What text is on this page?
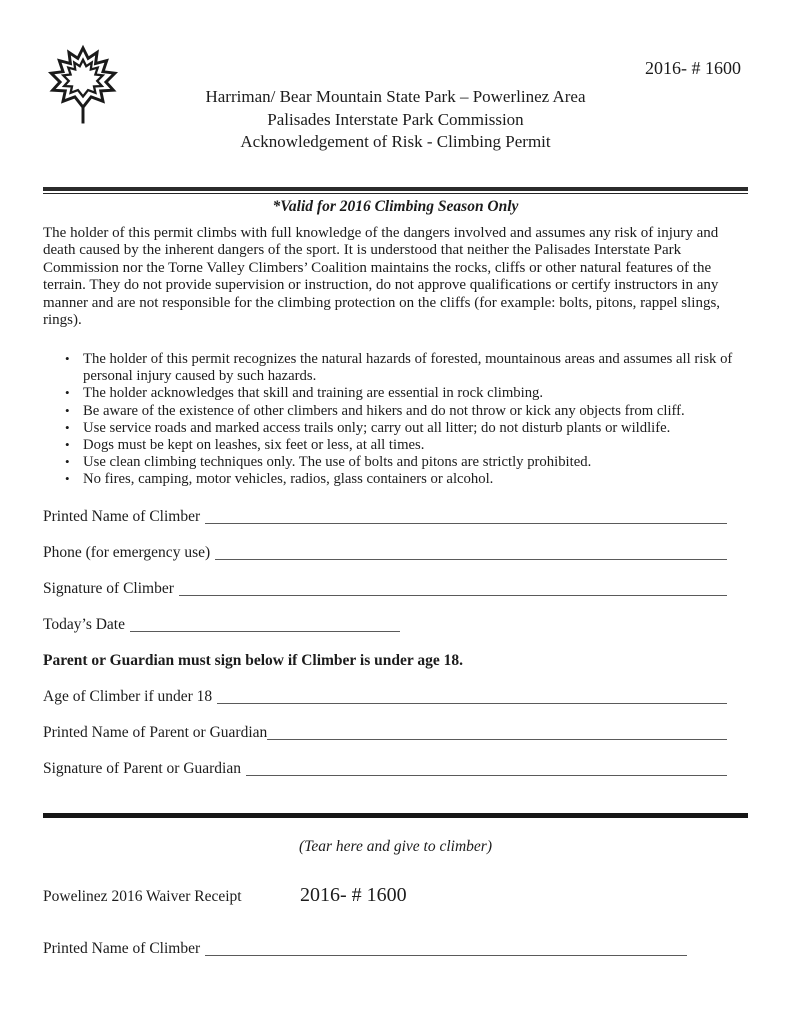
2016- # 1600
Harriman/ Bear Mountain State Park – Powerlinez Area
Palisades Interstate Park Commission
Acknowledgement of Risk - Climbing Permit
*Valid for 2016 Climbing Season Only

The holder of this permit climbs with full knowledge of the dangers involved and assumes any risk of injury and death caused by the inherent dangers of the sport. It is understood that neither the Palisades Interstate Park Commission nor the Torne Valley Climbers’ Coalition maintains the rocks, cliffs or other natural features of the terrain. They do not provide supervision or instruction, do not approve qualifications or certify instructors in any manner and are not responsible for the climbing protection on the cliffs (for example: bolts, pitons, rappel slings, rings).

• The holder of this permit recognizes the natural hazards of forested, mountainous areas and assumes all risk of personal injury caused by such hazards.
• The holder acknowledges that skill and training are essential in rock climbing.
• Be aware of the existence of other climbers and hikers and do not throw or kick any objects from cliff.
• Use service roads and marked access trails only; carry out all litter; do not disturb plants or wildlife.
• Dogs must be kept on leashes, six feet or less, at all times.
• Use clean climbing techniques only. The use of bolts and pitons are strictly prohibited.
• No fires, camping, motor vehicles, radios, glass containers or alcohol.
Printed Name of Climber
Phone (for emergency use)
Signature of Climber
Today’s Date
Parent or Guardian must sign below if Climber is under age 18.
Age of Climber if under 18
Printed Name of Parent or Guardian
Signature of Parent or Guardian
(Tear here and give to climber)
Powelinez 2016 Waiver Receipt	2016- # 1600
Printed Name of Climber
